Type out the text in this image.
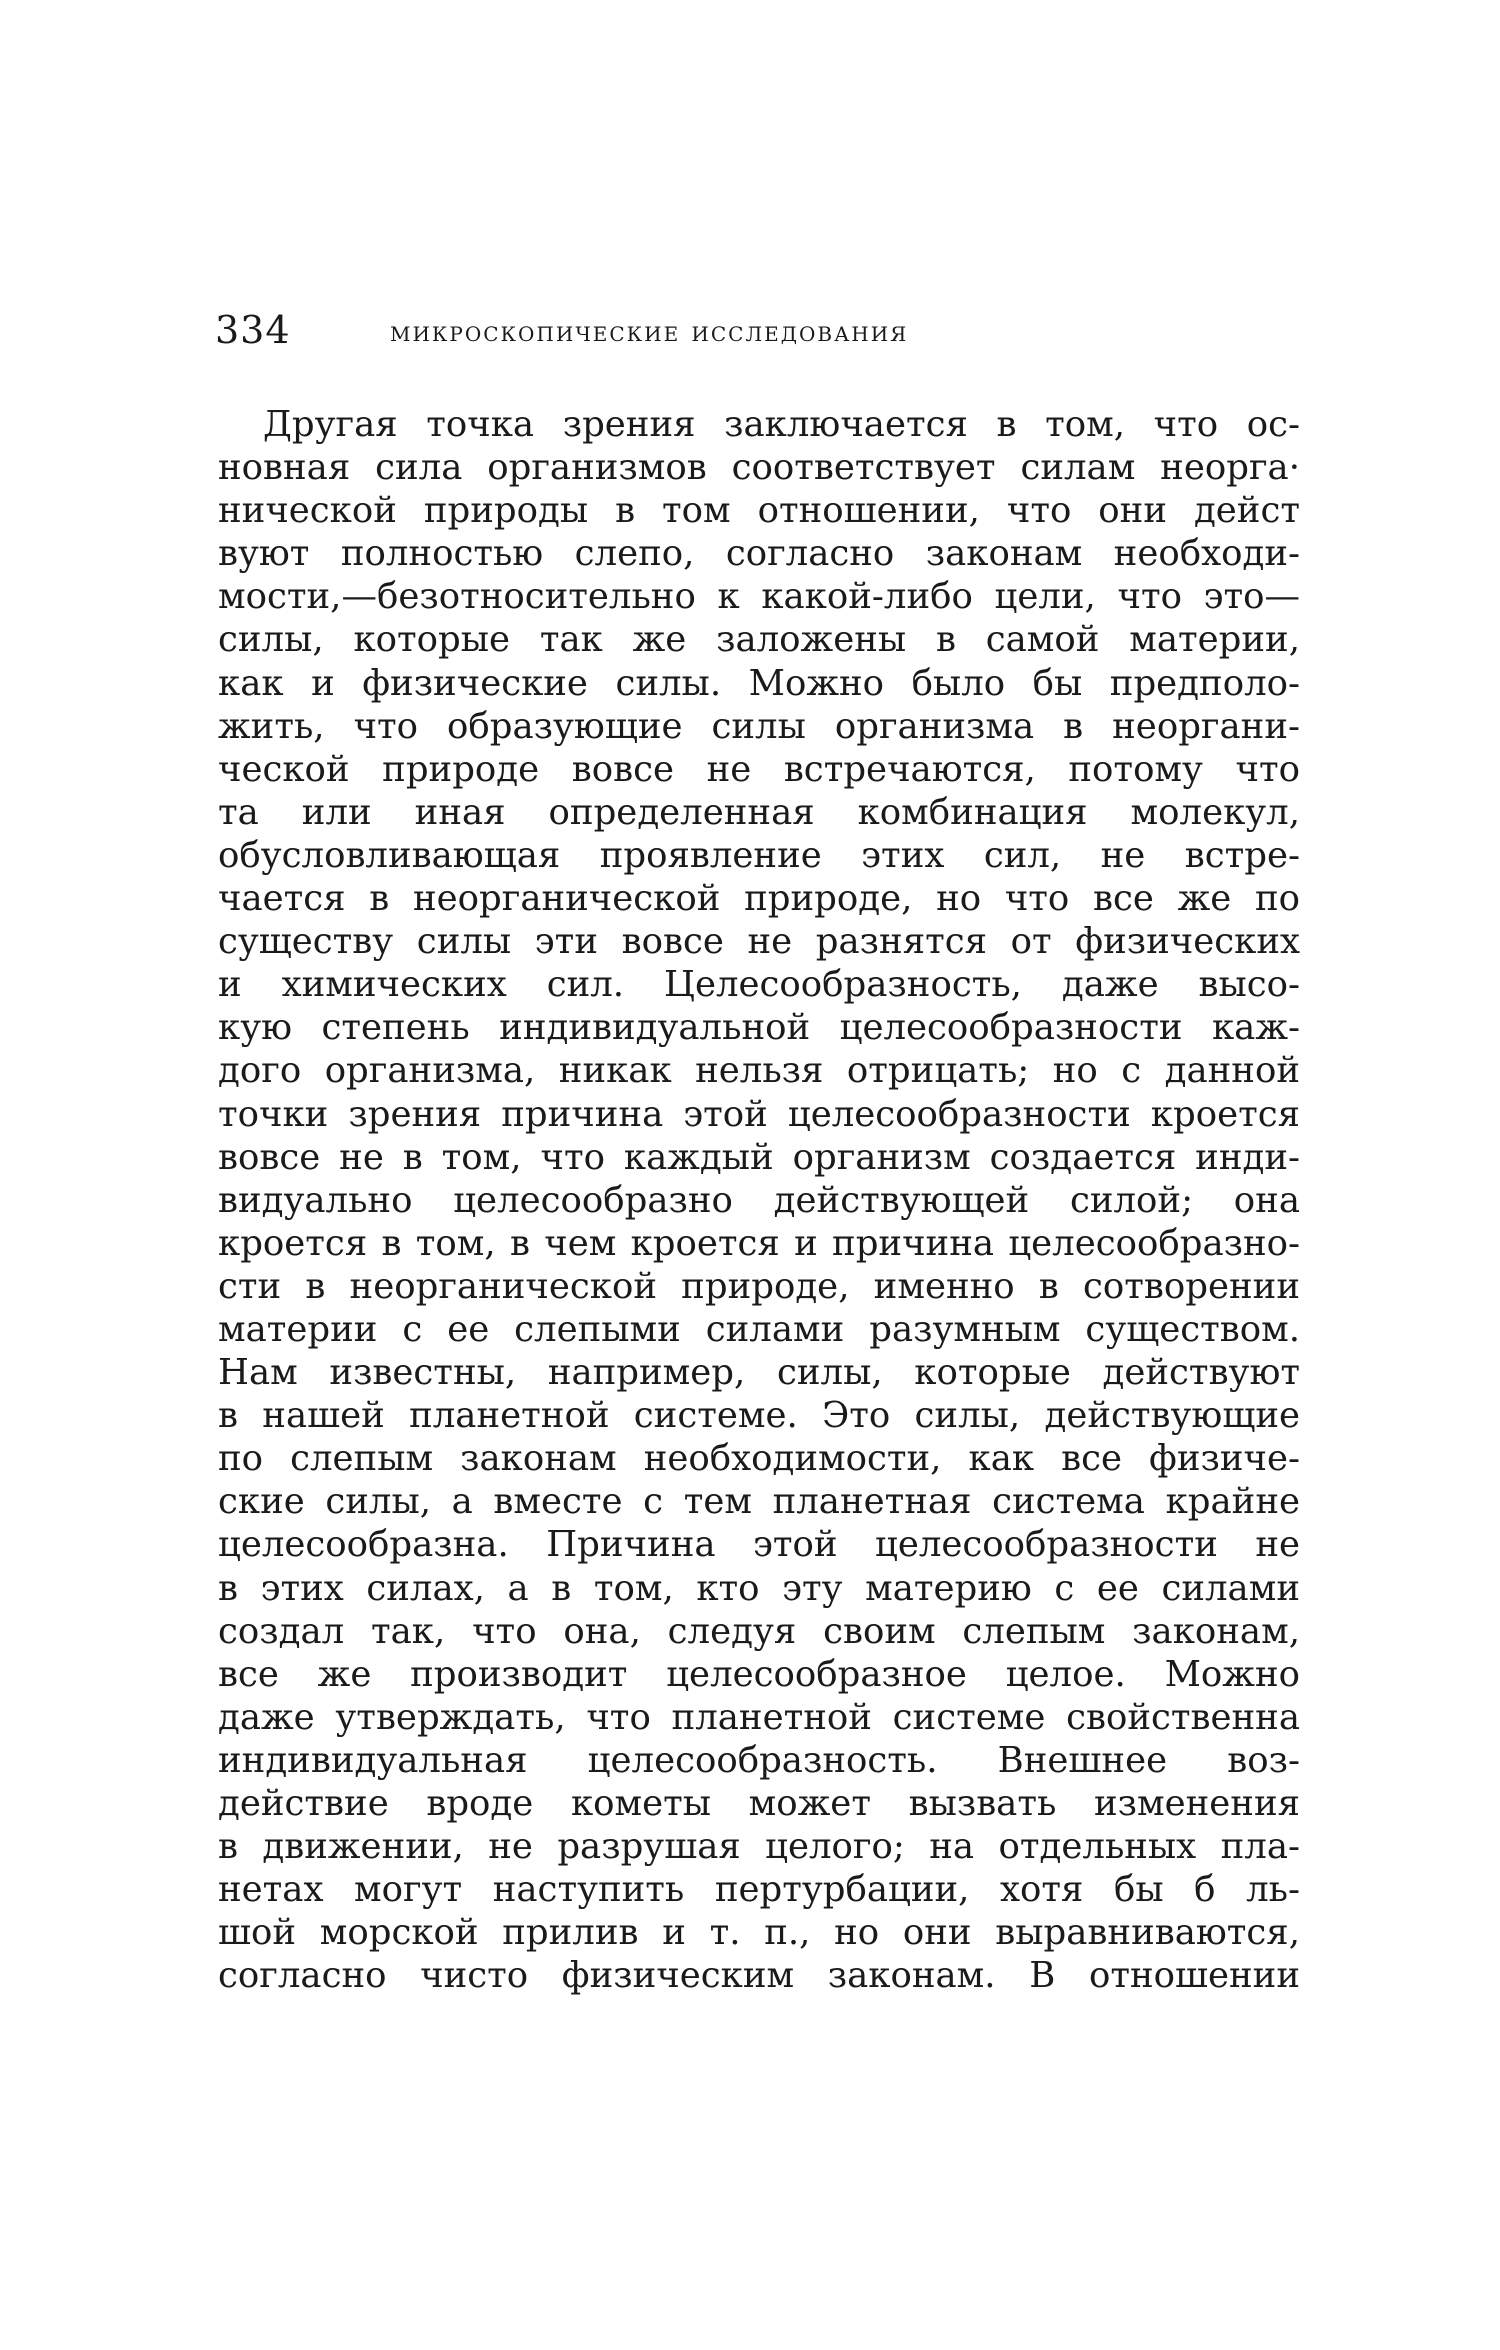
334	микроскопические исследования
Другая точка зрения заключается в том, что ос-
новная сила организмов соответствует силам неорга·
нической природы в том отношении, что они дейст
вуют полностью слепо, согласно законам необходи-
мости,—безотносительно к какой-либо цели, что это—
силы, которые так же заложены в самой материи,
как и физические силы. Можно было бы предполо-
жить, что образующие силы организма в неоргани-
ческой природе вовсе не встречаются, потому что
та или иная определенная комбинация молекул,
обусловливающая проявление этих сил, не встре-
чается в неорганической природе, но что все же по
существу силы эти вовсе не разнятся от физических
и химических сил. Целесообразность, даже высо-
кую степень индивидуальной целесообразности каж-
дого организма, никак нельзя отрицать; но с данной
точки зрения причина этой целесообразности кроется
вовсе не в том, что каждый организм создается инди-
видуально целесообразно действующей силой; она
кроется в том, в чем кроется и причина целесообразно-
сти в неорганической природе, именно в сотворении
материи с ее слепыми силами разумным существом.
Нам известны, например, силы, которые действуют
в нашей планетной системе. Это силы, действующие
по слепым законам необходимости, как все физиче-
ские силы, а вместе с тем планетная система крайне
целесообразна. Причина этой целесообразности не
в этих силах, а в том, кто эту материю с ее силами
создал так, что она, следуя своим слепым законам,
все же производит целесообразное целое. Можно
даже утверждать, что планетной системе свойственна
индивидуальная целесообразность. Внешнее воз-
действие вроде кометы может вызвать изменения
в движении, не разрушая целого; на отдельных пла-
нетах могут наступить пертурбации, хотя бы б ль-
шой морской прилив и т. п., но они выравниваются,
согласно чисто физическим законам. В отношении
